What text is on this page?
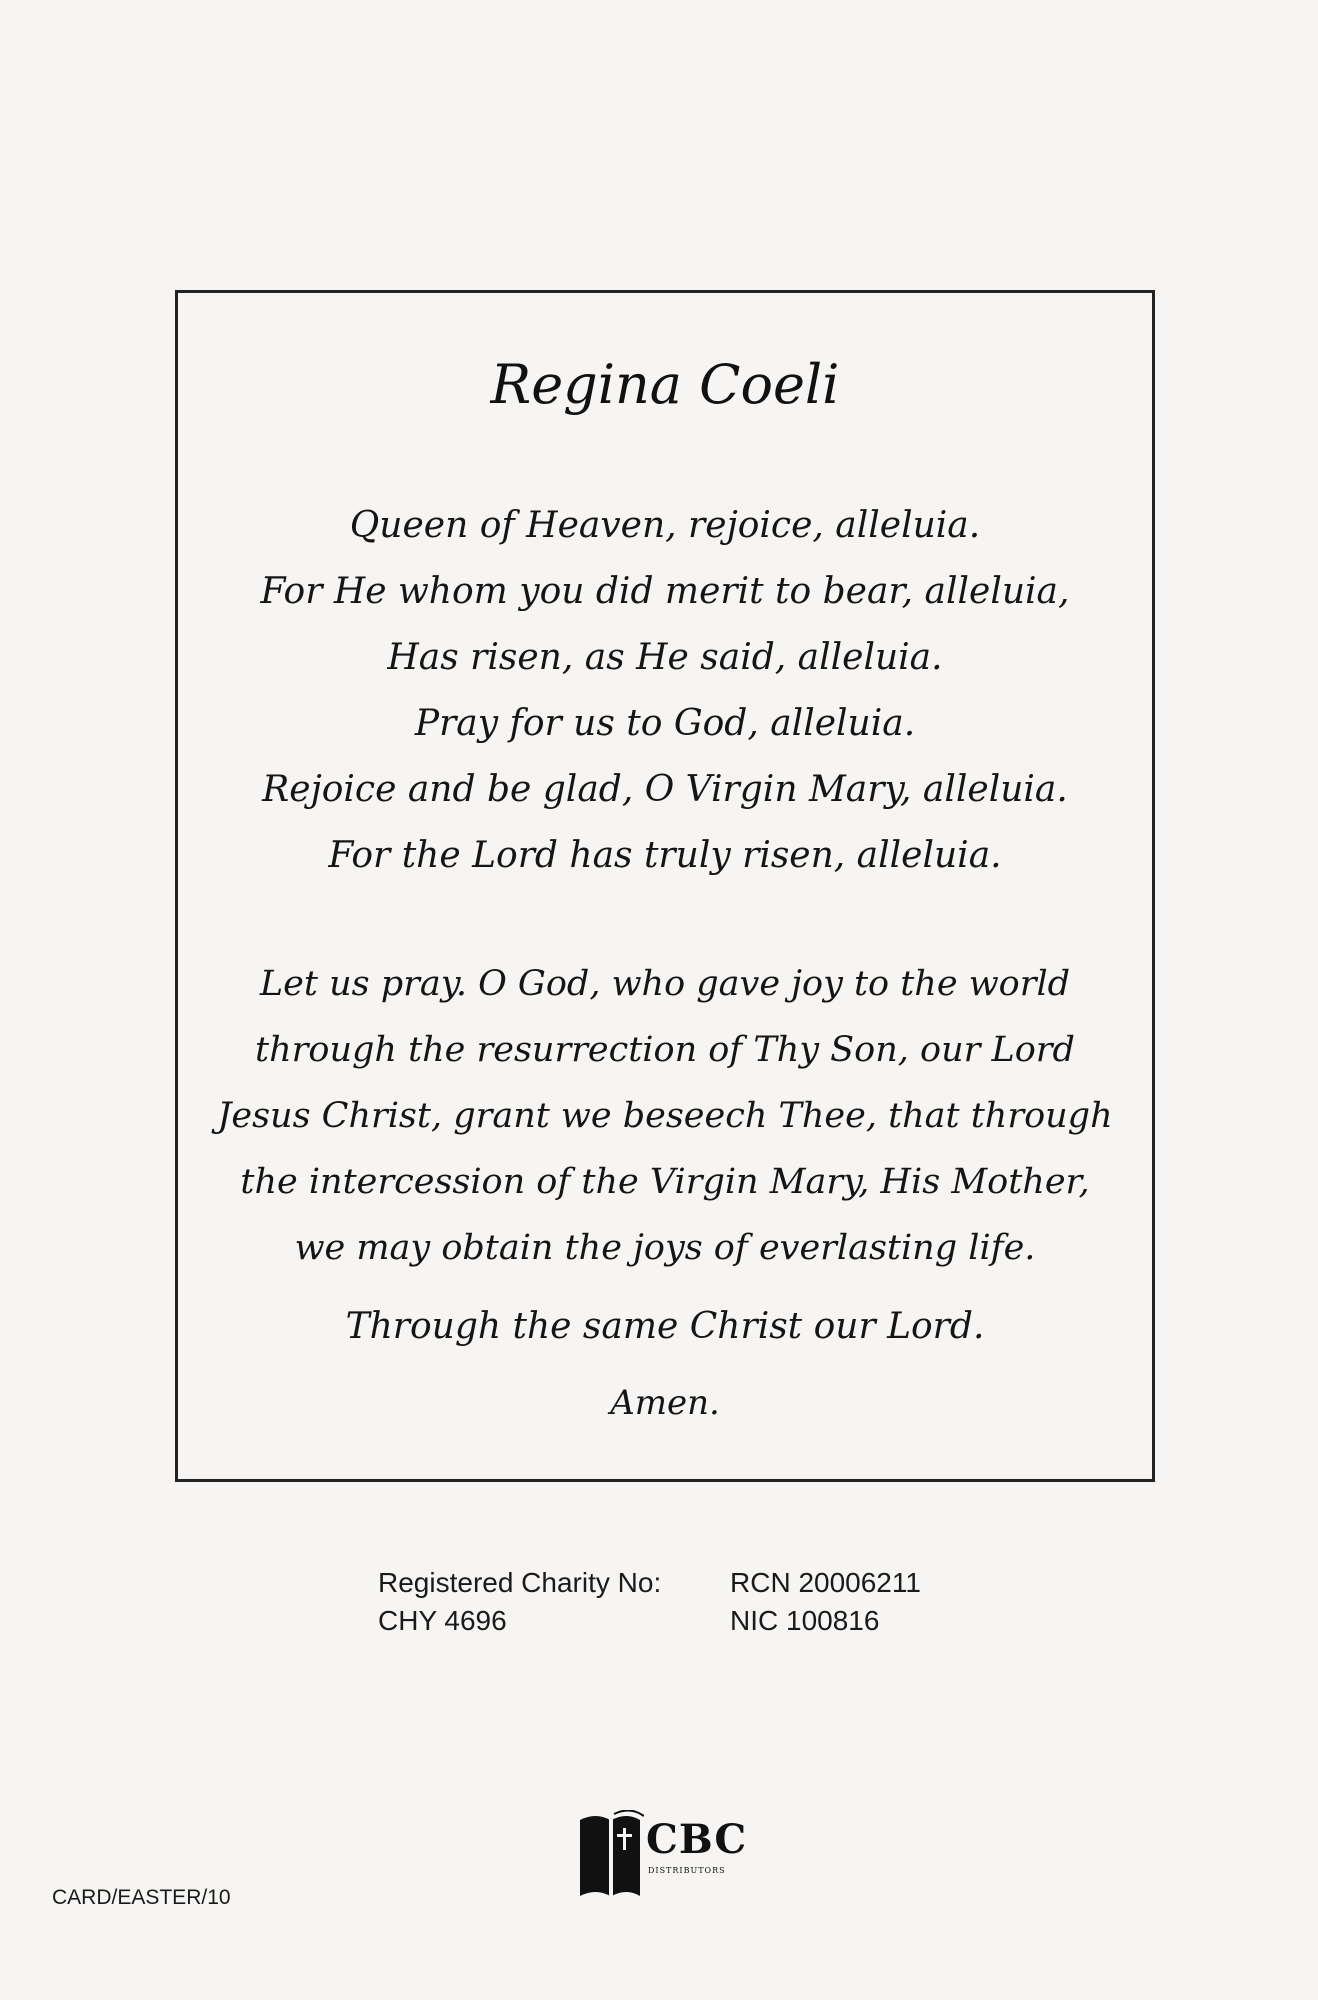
Regina Coeli
Queen of Heaven, rejoice, alleluia.
For He whom you did merit to bear, alleluia,
Has risen, as He said, alleluia.
Pray for us to God, alleluia.
Rejoice and be glad, O Virgin Mary, alleluia.
For the Lord has truly risen, alleluia.
Let us pray. O God, who gave joy to the world
through the resurrection of Thy Son, our Lord
Jesus Christ, grant we beseech Thee, that through
the intercession of the Virgin Mary, His Mother,
we may obtain the joys of everlasting life.
Through the same Christ our Lord.
Amen.
Registered Charity No: RCN 20006211
CHY 4696	NIC 100816
CBC
DISTRIBUTORS
CARD/EASTER/10
